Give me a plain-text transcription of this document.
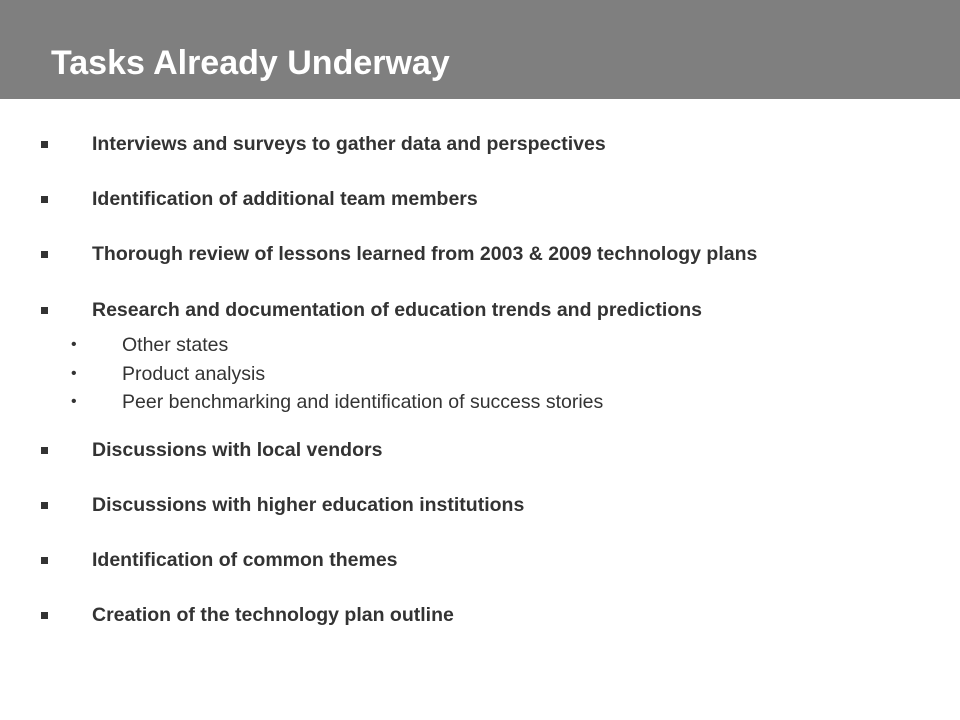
Tasks Already Underway
Interviews and surveys to gather data and perspectives
Identification of additional team members
Thorough review of lessons learned from 2003 & 2009 technology plans
Research and documentation of education trends and predictions
• Other states
• Product analysis
• Peer benchmarking and identification of success stories
Discussions with local vendors
Discussions with higher education institutions
Identification of common themes
Creation of the technology plan outline
